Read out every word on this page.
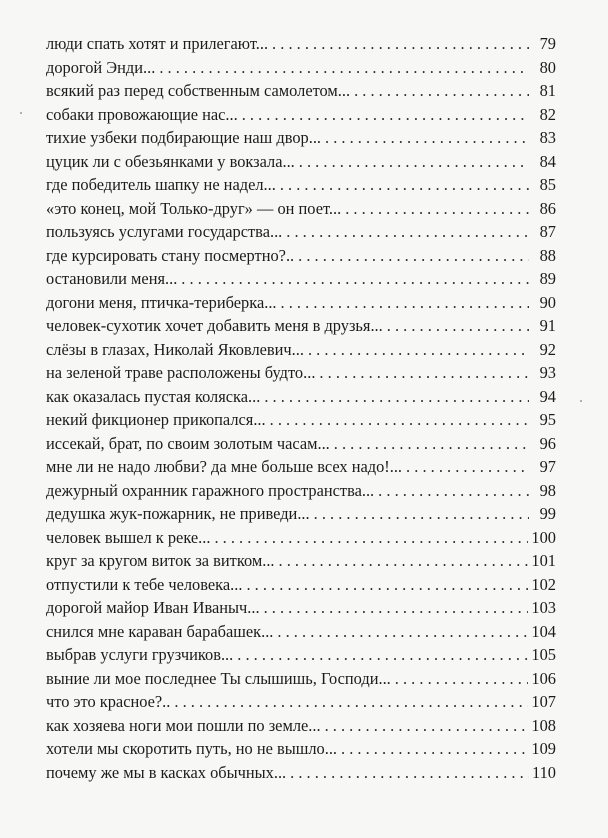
люди спать хотят и прилегают... . . .	79
дорогой Энди... . . .	80
всякий раз перед собственным самолетом... . . .	81
собаки провожающие нас... . . .	82
тихие узбеки подбирающие наш двор... . . .	83
цуцик ли с обезьянками у вокзала... . . .	84
где победитель шапку не надел... . . .	85
«это конец, мой Только-друг» — он поет... . . .	86
пользуясь услугами государства... . . .	87
где курсировать стану посмертно?.. . . .	88
остановили меня... . . .	89
догони меня, птичка-териберка... . . .	90
человек-сухотик хочет добавить меня в друзья... . . .	91
слёзы в глазах, Николай Яковлевич... . . .	92
на зеленой траве расположены будто... . . .	93
как оказалась пустая коляска... . . .	94
некий фикционер прикопался... . . .	95
иссекай, брат, по своим золотым часам... . . .	96
мне ли не надо любви? да мне больше всех надо!... . . .	97
дежурный охранник гаражного пространства... . . .	98
дедушка жук-пожарник, не приведи... . . .	99
человек вышел к реке... . . .	100
круг за кругом виток за витком... . . .	101
отпустили к тебе человека... . . .	102
дорогой майор Иван Иваныч... . . .	103
снился мне караван барабашек... . . .	104
выбрав услуги грузчиков... . . .	105
выние ли мое последнее Ты слышишь, Господи... . . .	106
что это красное?.. . . .	107
как хозяева ноги мои пошли по земле... . . .	108
хотели мы скоротить путь, но не вышло... . . .	109
почему же мы в касках обычных... . . .	110
